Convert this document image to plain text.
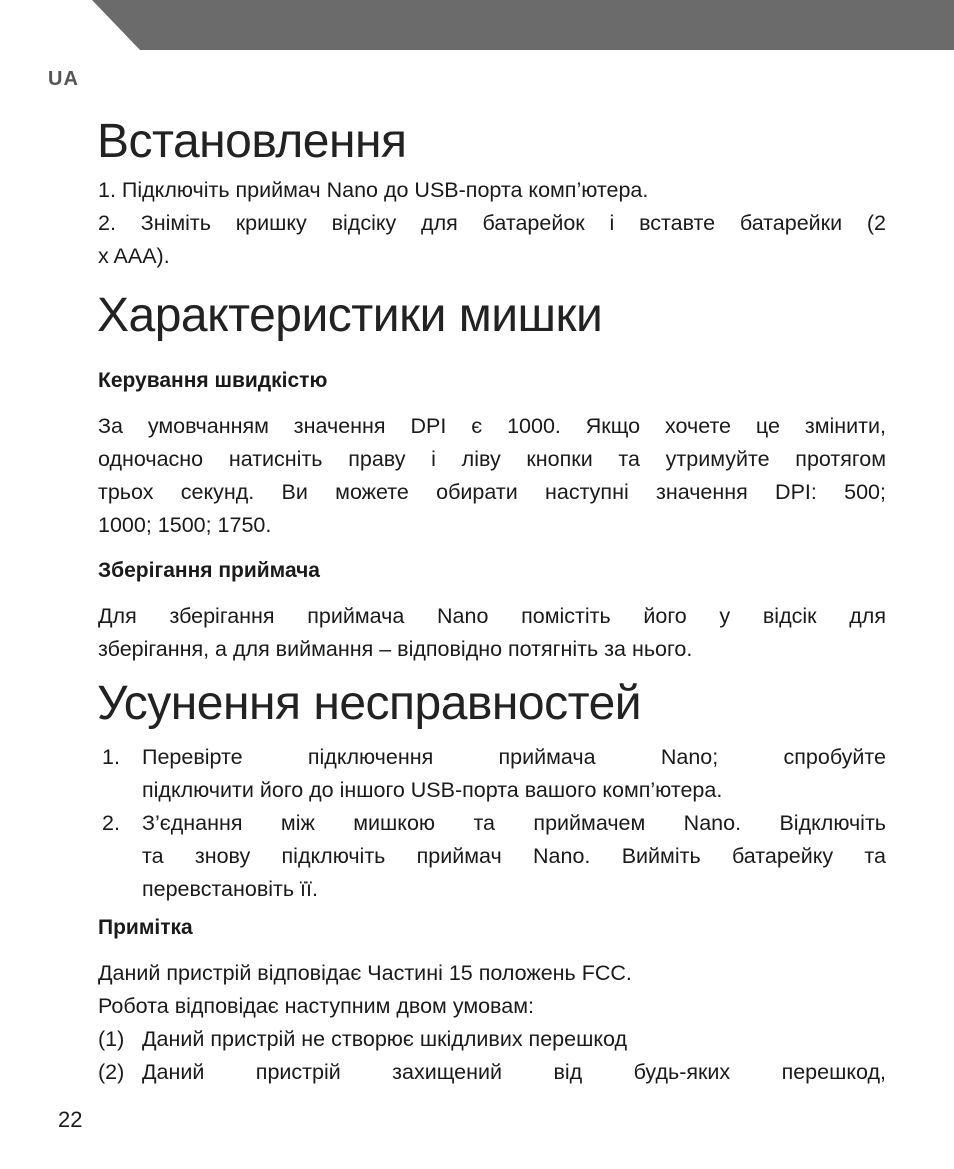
UA
Встановлення

1. Підключіть приймач Nano до USB-порта комп’ютера.

2. Зніміть кришку відсіку для батарейок і вставте батарейки (2

x AAA).

Характеристики мишки
Керування швидкістю

За умовчанням значення DPI є 1000. Якщо хочете це змінити,

одночасно натисніть праву і ліву кнопки та утримуйте протягом

трьох секунд. Ви можете обирати наступні значення DPI: 500;

1000; 1500; 1750.

Зберігання приймача

Для зберігання приймача Nano помістіть його у відсік для

зберігання, а для виймання – відповідно потягніть за нього.

Усунення несправностей
1. Перевірте підключення приймача Nano; спробуйте
підключити його до іншого USB-порта вашого комп’ютера.
2. З’єднання між мишкою та приймачем Nano. Відключіть
та знову підключіть приймач Nano. Вийміть батарейку та
перевстановіть її.
Примітка

Даний пристрій відповідає Частині 15 положень FCC.

Робота відповідає наступним двом умовам:

(1) Даний пристрій не створює шкідливих перешкод
(2) Даний пристрій захищений від будь-яких перешкод,
22
